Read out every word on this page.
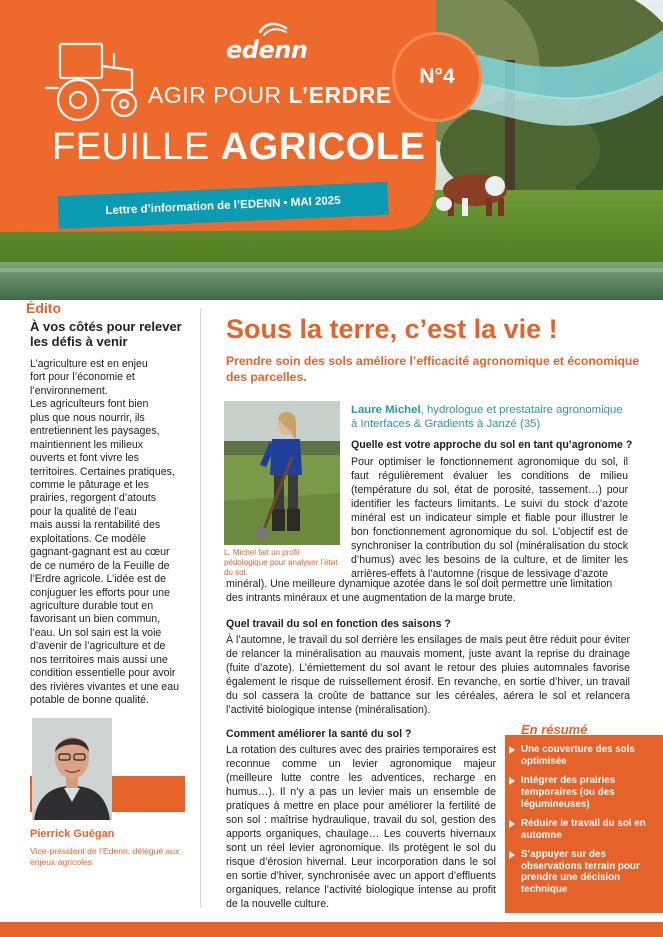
edenn
AGIR POUR L’ERDRE
FEUILLE AGRICOLE
Lettre d’information de l’EDENN • MAI 2025
N°4
Édito
À vos côtés pour relever les défis à venir

L’agriculture est en enjeu

fort pour l’économie et

l’environnement.

Les agriculteurs font bien

plus que nous nourrir, ils

entretiennent les paysages,

maintiennent les milieux

ouverts et font vivre les

territoires. Certaines pratiques,

comme le pâturage et les

prairies, regorgent d’atouts

pour la qualité de l’eau

mais aussi la rentabilité des

exploitations. Ce modèle

gagnant-gagnant est au cœur

de ce numéro de la Feuille de

l’Erdre agricole. L’idée est de

conjuguer les efforts pour une

agriculture durable tout en

favorisant un bien commun,

l’eau. Un sol sain est la voie

d’avenir de l’agriculture et de

nos territoires mais aussi une

condition essentielle pour avoir

des rivières vivantes et une eau

potable de bonne qualité.

Pierrick Guégan
Vice-président de l’Edenn, délégué aux enjeux agricoles
Sous la terre, c’est la vie !
Prendre soin des sols améliore l’efficacité agronomique et économique des parcelles.
L. Michel fait un profil pédologique pour analyser l’état du sol.
Laure Michel, hydrologue et prestataire agronomique à Interfaces & Gradients à Janzé (35)
Quelle est votre approche du sol en tant qu’agronome ?
Pour optimiser le fonctionnement agronomique du sol, il faut régulièrement évaluer les conditions de milieu (température du sol, état de porosité, tassement…) pour identifier les facteurs limitants. Le suivi du stock d’azote minéral est un indicateur simple et fiable pour illustrer le bon fonctionnement agronomique du sol. L’objectif est de synchroniser la contribution du sol (minéralisation du stock d’humus) avec les besoins de la culture, et de limiter les arrières-effets à l’automne (risque de lessivage d’azote
minéral). Une meilleure dynamique azotée dans le sol doit permettre une limitation des intrants minéraux et une augmentation de la marge brute.
Quel travail du sol en fonction des saisons ?
À l’automne, le travail du sol derrière les ensilages de maïs peut être réduit pour éviter de relancer la minéralisation au mauvais moment, juste avant la reprise du drainage (fuite d’azote). L’émiettement du sol avant le retour des pluies automnales favorise également le risque de ruissellement érosif. En revanche, en sortie d’hiver, un travail du sol cassera la croûte de battance sur les céréales, aérera le sol et relancera l’activité biologique intense (minéralisation).
Comment améliorer la santé du sol ?
La rotation des cultures avec des prairies temporaires est reconnue comme un levier agronomique majeur (meilleure lutte contre les adventices, recharge en humus…). Il n’y a pas un levier mais un ensemble de pratiques à mettre en place pour améliorer la fertilité de son sol : maîtrise hydraulique, travail du sol, gestion des apports organiques, chaulage… Les couverts hivernaux sont un réel levier agronomique. Ils protègent le sol du risque d’érosion hivernal. Leur incorporation dans le sol en sortie d’hiver, synchronisée avec un apport d’effluents organiques, relance l’activité biologique intense au profit de la nouvelle culture.
En résumé
Une couverture des sols optimisée
Intégrer des prairies temporaires (ou des légumineuses)
Réduire le travail du sol en automne
S’appuyer sur des observations terrain pour prendre une décision technique
